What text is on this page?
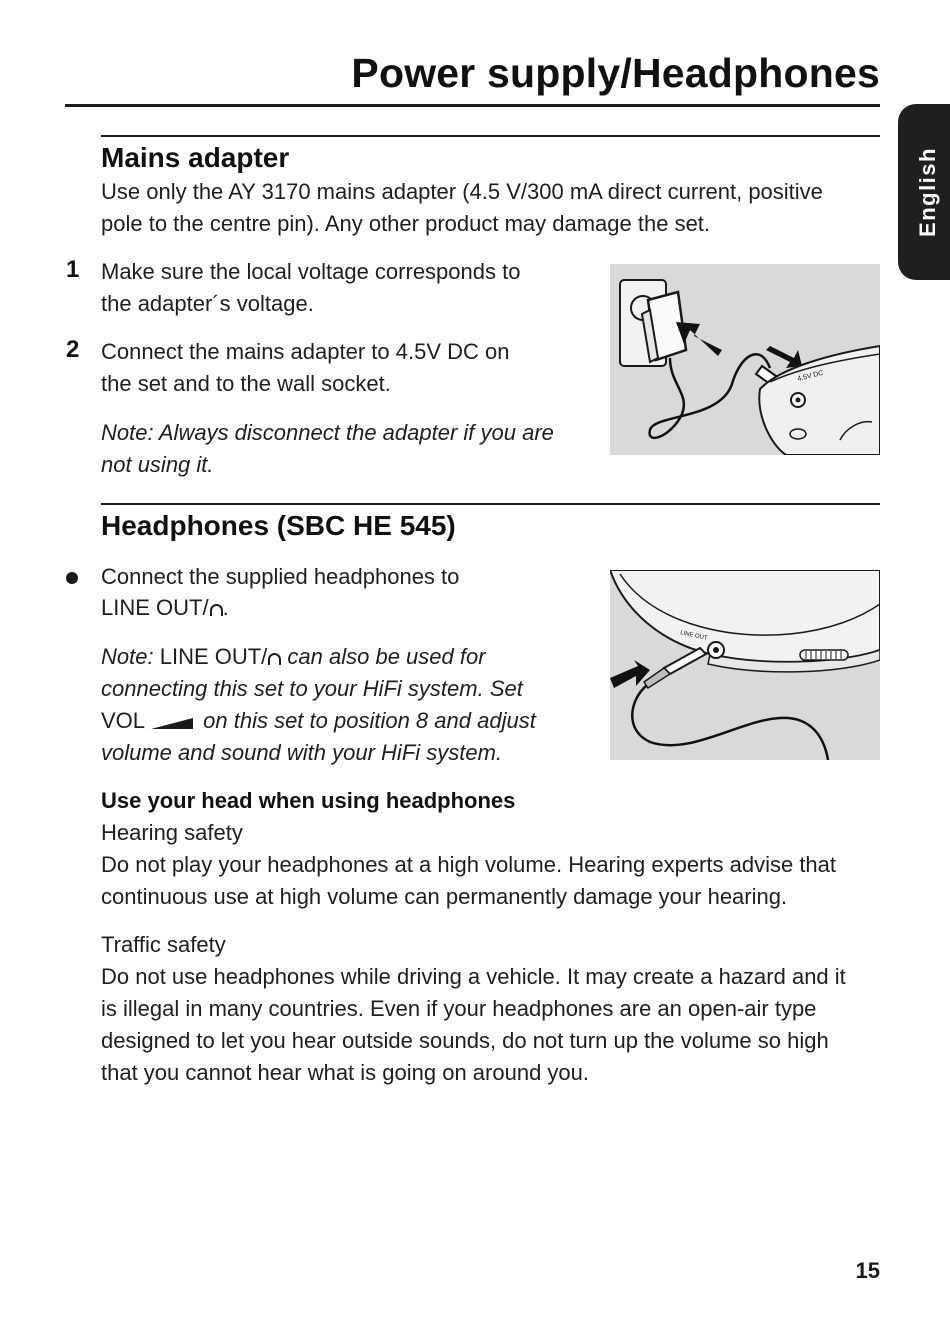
Power supply/Headphones
English
Mains adapter

Use only the AY 3170 mains adapter (4.5 V/300 mA direct current, positive

pole to the centre pin). Any other product may damage the set.

1 Make sure the local voltage corresponds to

the adapter´s voltage.

2 Connect the mains adapter to 4.5V DC on

the set and to the wall socket.

Note: Always disconnect the adapter if you are

not using it.

4.5V DC
Headphones (SBC HE 545)

Connect the supplied headphones to

LINE OUT/ .

Note: LINE OUT/ can also be used for

connecting this set to your HiFi system. Set

VOL on this set to position 8 and adjust

volume and sound with your HiFi system.

LINE OUT

Use your head when using headphones

Hearing safety

Do not play your headphones at a high volume. Hearing experts advise that

continuous use at high volume can permanently damage your hearing.

Traffic safety

Do not use headphones while driving a vehicle. It may create a hazard and it

is illegal in many countries. Even if your headphones are an open-air type

designed to let you hear outside sounds, do not turn up the volume so high

that you cannot hear what is going on around you.

15
